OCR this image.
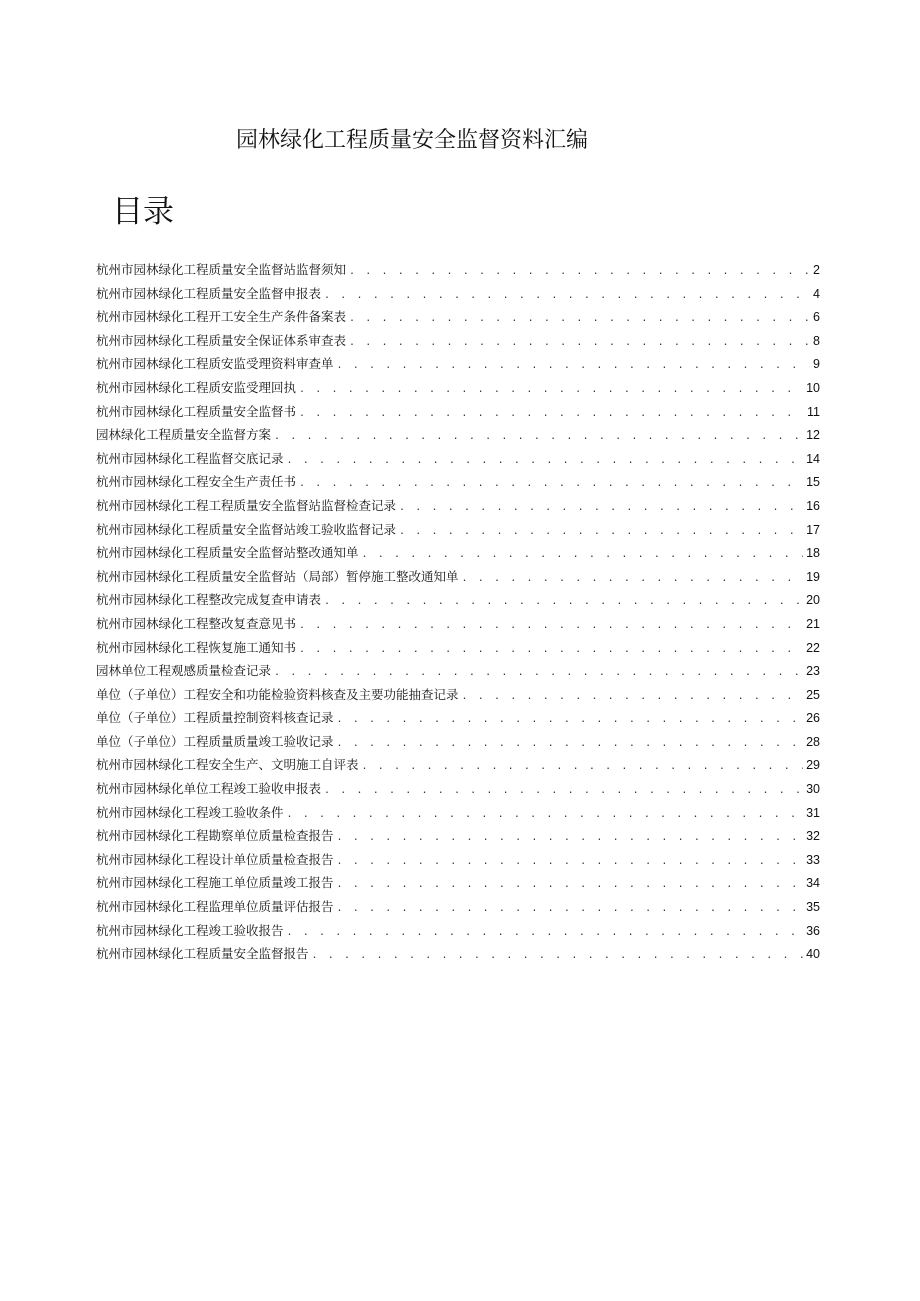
园林绿化工程质量安全监督资料汇编
目录
杭州市园林绿化工程质量安全监督站监督须知 . . .	2
杭州市园林绿化工程质量安全监督申报表 . . .	4
杭州市园林绿化工程开工安全生产条件备案表 . . .	6
杭州市园林绿化工程质量安全保证体系审查表 . . .	8
杭州市园林绿化工程质安监受理资料审查单 . . .	9
杭州市园林绿化工程质安监受理回执 . . .	10
杭州市园林绿化工程质量安全监督书 . . .	11
园林绿化工程质量安全监督方案 . . .	12
杭州市园林绿化工程监督交底记录 . . .	14
杭州市园林绿化工程安全生产责任书 . . .	15
杭州市园林绿化工程工程质量安全监督站监督检查记录 . . .	16
杭州市园林绿化工程质量安全监督站竣工验收监督记录 . . .	17
杭州市园林绿化工程质量安全监督站整改通知单 . . .	18
杭州市园林绿化工程质量安全监督站（局部）暂停施工整改通知单 . . .	19
杭州市园林绿化工程整改完成复查申请表 . . .	20
杭州市园林绿化工程整改复查意见书 . . .	21
杭州市园林绿化工程恢复施工通知书 . . .	22
园林单位工程观感质量检查记录 . . .	23
单位（子单位）工程安全和功能检验资料核查及主要功能抽查记录 . . .	25
单位（子单位）工程质量控制资料核查记录 . . .	26
单位（子单位）工程质量质量竣工验收记录 . . .	28
杭州市园林绿化工程安全生产、文明施工自评表 . . .	29
杭州市园林绿化单位工程竣工验收申报表 . . .	30
杭州市园林绿化工程竣工验收条件 . . .	31
杭州市园林绿化工程勘察单位质量检查报告 . . .	32
杭州市园林绿化工程设计单位质量检查报告 . . .	33
杭州市园林绿化工程施工单位质量竣工报告 . . .	34
杭州市园林绿化工程监理单位质量评估报告 . . .	35
杭州市园林绿化工程竣工验收报告 . . .	36
杭州市园林绿化工程质量安全监督报告 . . .	40
